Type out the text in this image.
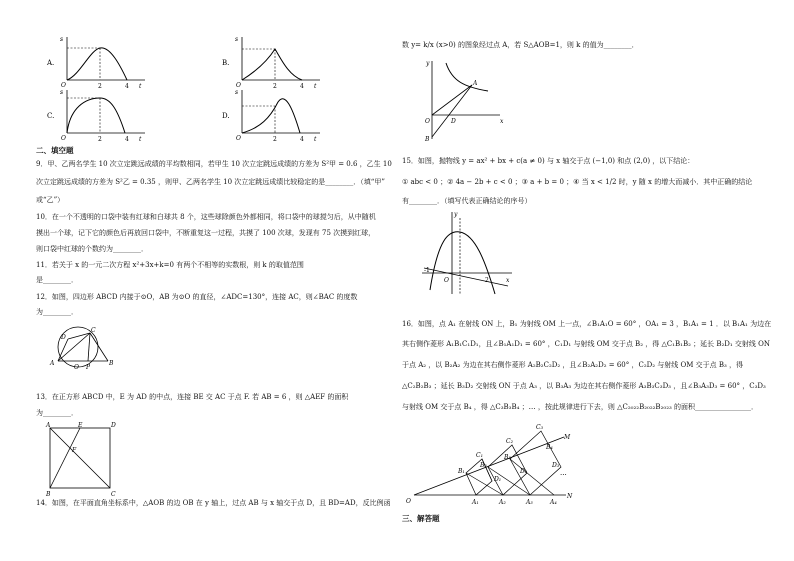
O	2	4 t
s
A.
O	2	4 t
s
B.
O	2	4 t
s
C.
O	2	4 t
s
D.
二、填空题
9．甲、乙两名学生 10 次立定跳远成绩的平均数相同，若甲生 10 次立定跳远成绩的方差为 S²甲 = 0.6 ，乙生 10
次立定跳远成绩的方差为 S²乙 = 0.35 ，则甲、乙两名学生 10 次立定跳远成绩比较稳定的是________．（填“甲”
或“乙”）
10．在一个不透明的口袋中装有红球和白球共 8 个，这些球除颜色外都相同，将口袋中的球搅匀后，从中随机
摸出一个球，记下它的颜色后再放回口袋中，不断重复这一过程，共摸了 100 次球，发现有 75 次摸到红球，
则口袋中红球的个数约为________．
11．若关于 x 的一元二次方程 x²+3x+k=0 有两个不相等的实数根，则 k 的取值范围
是________．
12．如图，四边形 ABCD 内接于⊙O，AB 为⊙O 的直径，∠ADC=130°，连接 AC，则∠BAC 的度数
为________．
C
D
A
O P
B
13．在正方形 ABCD 中，E 为 AD 的中点，连接 BE 交 AC 于点 F. 若 AB = 6 ，则 △AEF 的面积
为________．
A	E	D
F
B	C
14．如图，在平面直角坐标系中，△AOB 的边 OB 在 y 轴上，过点 AB 与 x 轴交于点 D，且 BD=AD，反比例函
数 y= k/x (x>0) 的图象经过点 A，若 S△AOB=1，则 k 的值为________．
y
A
O	D	x
B
15．如图，抛物线 y = ax² + bx + c(a ≠ 0) 与 x 轴交于点 (−1,0) 和点 (2,0) ，以下结论：
① abc < 0 ；② 4a − 2b + c < 0 ；③ a + b = 0 ；④ 当 x < 1/2 时，y 随 x 的增大而减小．其中正确的结论
有________．（填写代表正确结论的序号）
y
O
-1
2	x
16．如图，点 A₁ 在射线 ON 上，B₁ 为射线 OM 上一点，∠B₁A₁O = 60° ，OA₁ = 3 ，B₁A₁ = 1 ．以 B₁A₁ 为边在
其右侧作菱形 A₁B₁C₁D₁，且∠B₁A₁D₁ = 60° ，C₁D₁ 与射线 OM 交于点 B₂ ，得 △C₁B₁B₂ ；延长 B₂D₁ 交射线 ON
于点 A₂ ，以 B₂A₂ 为边在其右侧作菱形 A₂B₂C₂D₂ ，且∠B₂A₂D₂ = 60° ，C₂D₂ 与射线 OM 交于点 B₃ ，得
△C₂B₂B₃ ；延长 B₃D₂ 交射线 ON 于点 A₃ ，以 B₃A₃ 为边在其右侧作菱形 A₃B₃C₃D₃ ，且∠B₃A₃D₃ = 60° ，C₃D₃
与射线 OM 交于点 B₄ ，得 △C₃B₃B₄ ；… ，按此规律进行下去，则 △C₂₀₂₂B₂₀₂₂B₂₀₂₃ 的面积________________．
O
N
M
A₁	A₂	A₃	A₄
B₁
B₂
B₃
B₄
C₁
C₂
C₃
D₁
D₂
D₃
...
三、解答题
